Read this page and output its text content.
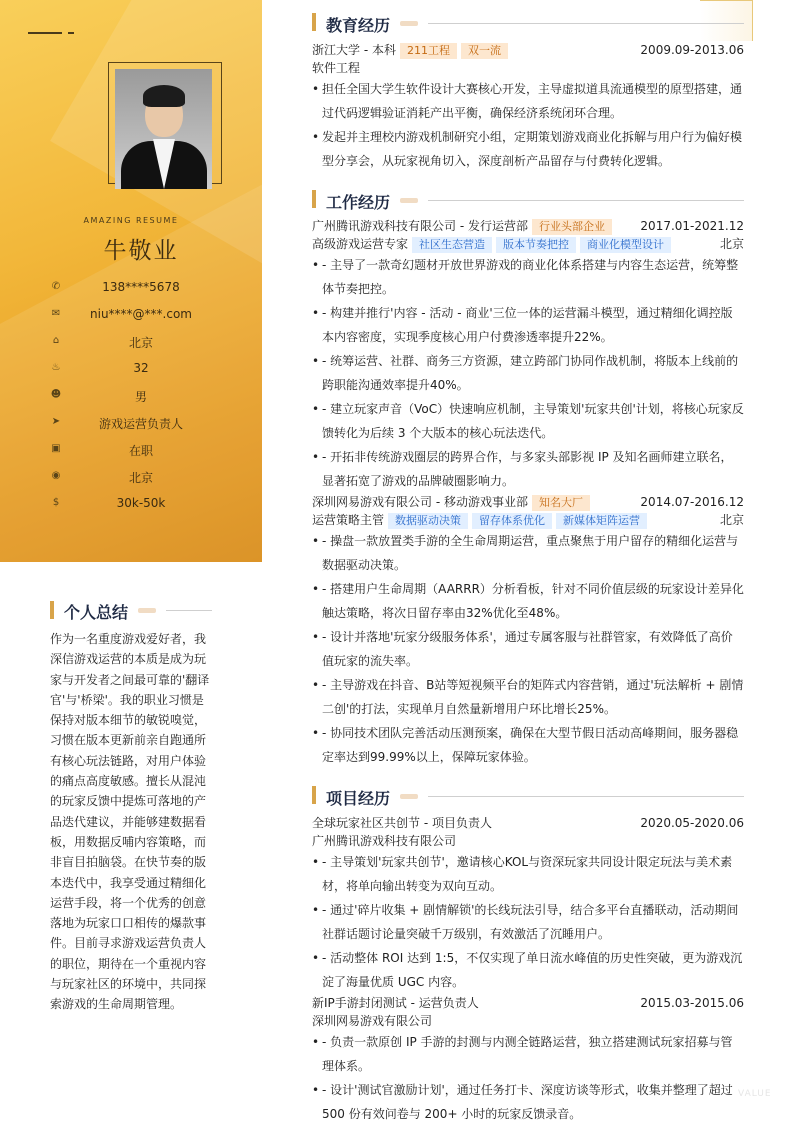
AMAZING RESUME
牛敬业
✆	138****5678
✉	niu****@***.com
⌂	北京
♨	32
☻	男
➤	游戏运营负责人
▣	在职
◉	北京
$	30k-50k
个人总结
作为一名重度游戏爱好者，我深信游戏运营的本质是成为玩家与开发者之间最可靠的'翻译官'与'桥梁'。我的职业习惯是保持对版本细节的敏锐嗅觉，习惯在版本更新前亲自跑通所有核心玩法链路，对用户体验的痛点高度敏感。擅长从混沌的玩家反馈中提炼可落地的产品迭代建议，并能够建数据看板，用数据反哺内容策略，而非盲目拍脑袋。在快节奏的版本迭代中，我享受通过精细化运营手段，将一个优秀的创意落地为玩家口口相传的爆款事件。目前寻求游戏运营负责人的职位，期待在一个重视内容与玩家社区的环境中，共同探索游戏的生命周期管理。
教育经历
浙江大学 - 本科 211工程 双一流	2009.09-2013.06
软件工程
• 担任全国大学生软件设计大赛核心开发，主导虚拟道具流通模型的原型搭建，通过代码逻辑验证消耗产出平衡，确保经济系统闭环合理。
• 发起并主理校内游戏机制研究小组，定期策划游戏商业化拆解与用户行为偏好模型分享会，从玩家视角切入，深度剖析产品留存与付费转化逻辑。
工作经历
广州腾讯游戏科技有限公司 - 发行运营部 行业头部企业	2017.01-2021.12
高级游戏运营专家 社区生态营造 版本节奏把控 商业化模型设计	北京
• - 主导了一款奇幻题材开放世界游戏的商业化体系搭建与内容生态运营，统筹整体节奏把控。
• - 构建并推行'内容 - 活动 - 商业'三位一体的运营漏斗模型，通过精细化调控版本内容密度，实现季度核心用户付费渗透率提升22%。
• - 统筹运营、社群、商务三方资源，建立跨部门协同作战机制，将版本上线前的跨职能沟通效率提升40%。
• - 建立玩家声音（VoC）快速响应机制，主导策划'玩家共创'计划，将核心玩家反馈转化为后续 3 个大版本的核心玩法迭代。
• - 开拓非传统游戏圈层的跨界合作，与多家头部影视 IP 及知名画师建立联名，显著拓宽了游戏的品牌破圈影响力。
深圳网易游戏有限公司 - 移动游戏事业部 知名大厂	2014.07-2016.12
运营策略主管 数据驱动决策 留存体系优化 新媒体矩阵运营	北京
• - 操盘一款放置类手游的全生命周期运营，重点聚焦于用户留存的精细化运营与数据驱动决策。
• - 搭建用户生命周期（AARRR）分析看板，针对不同价值层级的玩家设计差异化触达策略，将次日留存率由32%优化至48%。
• - 设计并落地'玩家分级服务体系'，通过专属客服与社群管家，有效降低了高价值玩家的流失率。
• - 主导游戏在抖音、B站等短视频平台的矩阵式内容营销，通过'玩法解析 + 剧情二创'的打法，实现单月自然量新增用户环比增长25%。
• - 协同技术团队完善活动压测预案，确保在大型节假日活动高峰期间，服务器稳定率达到99.99%以上，保障玩家体验。
项目经历
全球玩家社区共创节 - 项目负责人	2020.05-2020.06
广州腾讯游戏科技有限公司
• - 主导策划'玩家共创节'，邀请核心KOL与资深玩家共同设计限定玩法与美术素材，将单向输出转变为双向互动。
• - 通过'碎片收集 + 剧情解锁'的长线玩法引导，结合多平台直播联动，活动期间社群话题讨论量突破千万级别，有效激活了沉睡用户。
• - 活动整体 ROI 达到 1:5，不仅实现了单日流水峰值的历史性突破，更为游戏沉淀了海量优质 UGC 内容。
新IP手游封闭测试 - 运营负责人	2015.03-2015.06
深圳网易游戏有限公司
• - 负责一款原创 IP 手游的封测与内测全链路运营，独立搭建测试玩家招募与管理体系。
• - 设计'测试官激励计划'，通过任务打卡、深度访谈等形式，收集并整理了超过 500 份有效问卷与 200+ 小时的玩家反馈录音。
VALUE
